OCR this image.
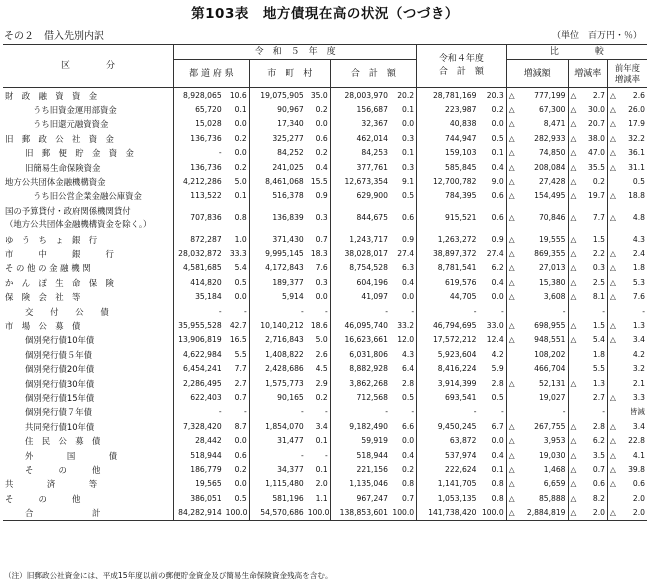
第103表　地方債現在高の状況（つづき）
その２　借入先別内訳	（単位　百万円・％）
区　　　　分	令　和　５　年　度						令和４年度
合　計　額		比　　　　較					
	都 道 府 県		市　町　村		合　計　額				増減額		増減率		前年度
増減率	

財　政　融　資　資　金	8,928,065	10.6	19,075,905	35.0	28,003,970	20.2	28,781,169	20.3	△	777,199	△	2.7	△	2.6
うち旧資金運用部資金	65,720	0.1	90,967	0.2	156,687	0.1	223,987	0.2	△	67,300	△	30.0	△	26.0
うち旧還元融資資金	15,028	0.0	17,340	0.0	32,367	0.0	40,838	0.0	△	8,471	△	20.7	△	17.9
旧　郵　政　公　社　資　金	136,736	0.2	325,277	0.6	462,014	0.3	744,947	0.5	△	282,933	△	38.0	△	32.2
旧　郵　便　貯　金　資　金	-	0.0	84,252	0.2	84,253	0.1	159,103	0.1	△	74,850	△	47.0	△	36.1
旧簡易生命保険資金	136,736	0.2	241,025	0.4	377,761	0.3	585,845	0.4	△	208,084	△	35.5	△	31.1
地方公共団体金融機構資金	4,212,286	5.0	8,461,068	15.5	12,673,354	9.1	12,700,782	9.0	△	27,428	△	0.2		0.5
うち旧公営企業金融公庫資金	113,522	0.1	516,378	0.9	629,900	0.5	784,395	0.6	△	154,495	△	19.7	△	18.8

国の予算貸付・政府関係機関貸付
（地方公共団体金融機構資金を除く。）	707,836	0.8	136,839	0.3	844,675	0.6	915,521	0.6	△	70,846	△	7.7	△	4.8
ゆ　う　ち　ょ　銀　行	872,287	1.0	371,430	0.7	1,243,717	0.9	1,263,272	0.9	△	19,555	△	1.5		4.3
市　　　中　　　銀　　　行	28,032,872	33.3	9,995,145	18.3	38,028,017	27.4	38,897,372	27.4	△	869,355	△	2.2	△	2.4
そ の 他 の 金 融 機 関	4,581,685	5.4	4,172,843	7.6	8,754,528	6.3	8,781,541	6.2	△	27,013	△	0.3	△	1.8
か　ん　ぽ　生　命　保　険	414,820	0.5	189,377	0.3	604,196	0.4	619,576	0.4	△	15,380	△	2.5	△	5.3
保　険　会　社　等	35,184	0.0	5,914	0.0	41,097	0.0	44,705	0.0	△	3,608	△	8.1	△	7.6
交　　付　　公　　債	-	-	-	-	-	-	-	-		-		-		-
市　場　公　募　債	35,955,528	42.7	10,140,212	18.6	46,095,740	33.2	46,794,695	33.0	△	698,955	△	1.5	△	1.3
個別発行債10年債	13,906,819	16.5	2,716,843	5.0	16,623,661	12.0	17,572,212	12.4	△	948,551	△	5.4	△	3.4
個別発行債５年債	4,622,984	5.5	1,408,822	2.6	6,031,806	4.3	5,923,604	4.2		108,202		1.8		4.2
個別発行債20年債	6,454,241	7.7	2,428,686	4.5	8,882,928	6.4	8,416,224	5.9		466,704		5.5		3.2
個別発行債30年債	2,286,495	2.7	1,575,773	2.9	3,862,268	2.8	3,914,399	2.8	△	52,131	△	1.3		2.1
個別発行債15年債	622,403	0.7	90,165	0.2	712,568	0.5	693,541	0.5		19,027		2.7	△	3.3
個別発行債７年債	-	-	-	-	-	-	-	-		-		-		皆減
共同発行債10年債	7,328,420	8.7	1,854,070	3.4	9,182,490	6.6	9,450,245	6.7	△	267,755	△	2.8	△	3.4
住　民　公　募　債	28,442	0.0	31,477	0.1	59,919	0.0	63,872	0.0	△	3,953	△	6.2	△	22.8
外　　　　国　　　　債	518,944	0.6	-	-	518,944	0.4	537,974	0.4	△	19,030	△	3.5	△	4.1
そ　　　の　　　他	186,779	0.2	34,377	0.1	221,156	0.2	222,624	0.1	△	1,468	△	0.7	△	39.8
共　　　　済　　　　等	19,565	0.0	1,115,480	2.0	1,135,046	0.8	1,141,705	0.8	△	6,659	△	0.6	△	0.6
そ　　　の　　　他	386,051	0.5	581,196	1.1	967,247	0.7	1,053,135	0.8	△	85,888	△	8.2		2.0
合　　　　　　　計	84,282,914	100.0	54,570,686	100.0	138,853,601	100.0	141,738,420	100.0	△	2,884,819	△	2.0	△	2.0
（注）旧郵政公社資金には、平成15年度以前の郵便貯金資金及び簡易生命保険資金残高を含む。
